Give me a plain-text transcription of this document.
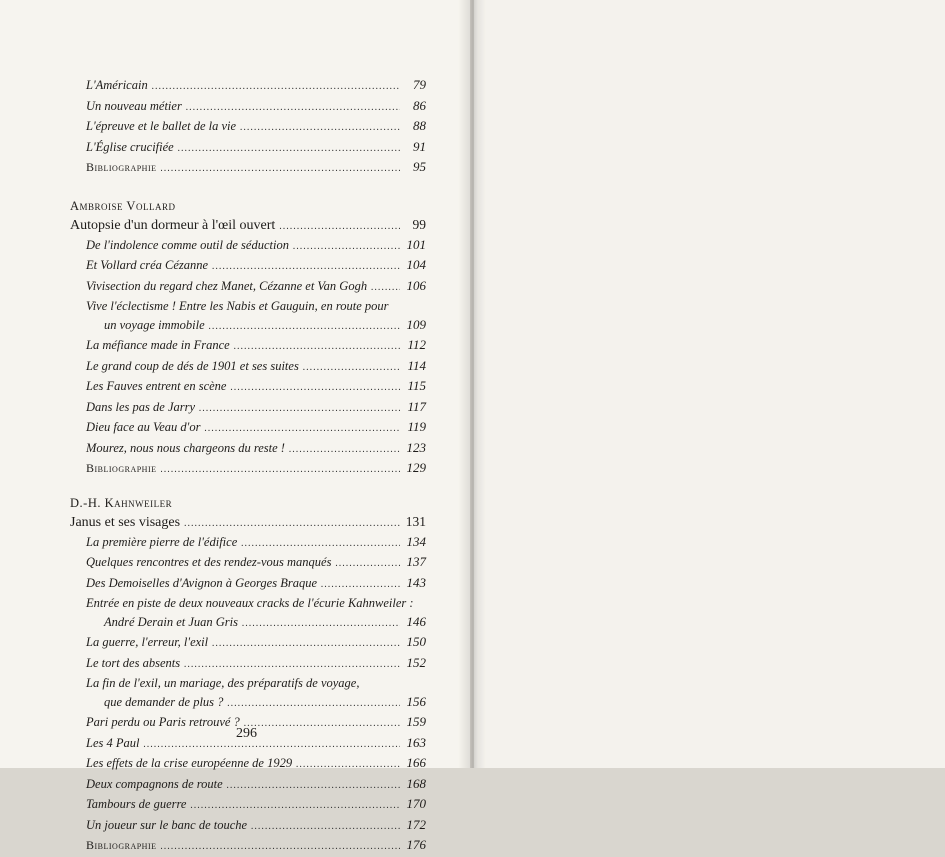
L'Américain .....	79
Un nouveau métier .....	86
L'épreuve et le ballet de la vie .....	88
L'Église crucifiée .....	91
Bibliographie .....	95
Ambroise Vollard
Autopsie d'un dormeur à l'œil ouvert .....	99
De l'indolence comme outil de séduction .....	101
Et Vollard créa Cézanne .....	104
Vivisection du regard chez Manet, Cézanne et Van Gogh .....	106
Vive l'éclectisme ! Entre les Nabis et Gauguin, en route pour
un voyage immobile .....	109
La méfiance made in France .....	112
Le grand coup de dés de 1901 et ses suites .....	114
Les Fauves entrent en scène .....	115
Dans les pas de Jarry .....	117
Dieu face au Veau d'or .....	119
Mourez, nous nous chargeons du reste ! .....	123
Bibliographie .....	129
D.-H. Kahnweiler
Janus et ses visages .....	131
La première pierre de l'édifice .....	134
Quelques rencontres et des rendez-vous manqués .....	137
Des Demoiselles d'Avignon à Georges Braque .....	143
Entrée en piste de deux nouveaux cracks de l'écurie Kahnweiler :
André Derain et Juan Gris .....	146
La guerre, l'erreur, l'exil .....	150
Le tort des absents .....	152
La fin de l'exil, un mariage, des préparatifs de voyage,
que demander de plus ? .....	156
Pari perdu ou Paris retrouvé ? .....	159
Les 4 Paul .....	163
Les effets de la crise européenne de 1929 .....	166
Deux compagnons de route .....	168
Tambours de guerre .....	170
Un joueur sur le banc de touche .....	172
Bibliographie .....	176
296
